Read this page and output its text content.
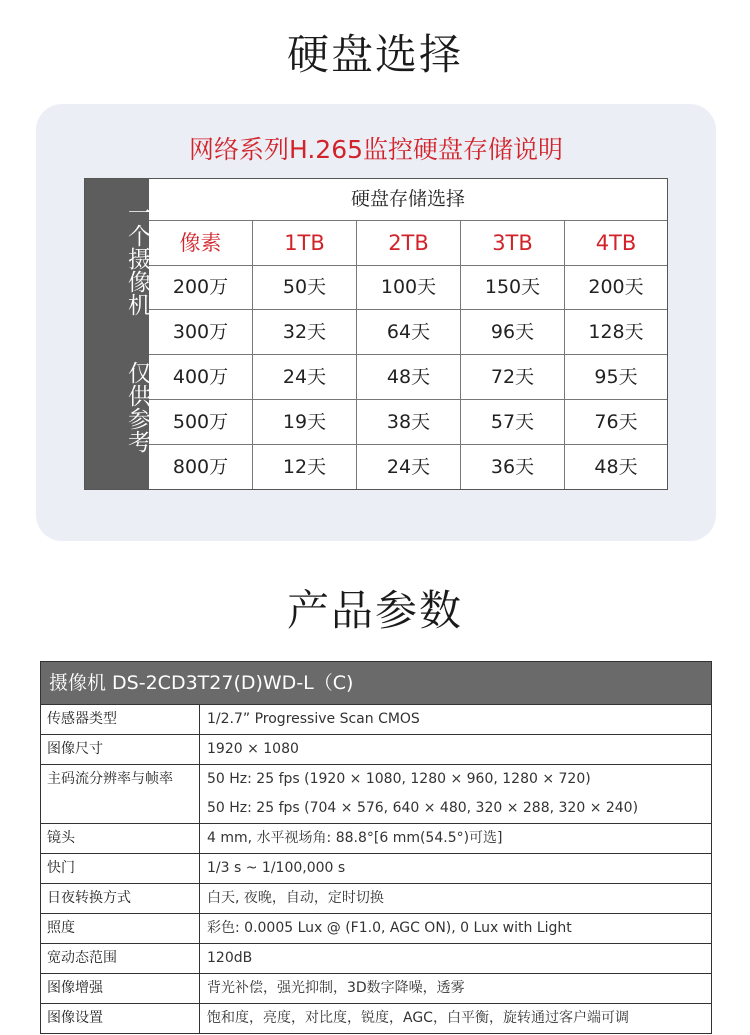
硬盘选择
网络系列H.265监控硬盘存储说明
一个摄像机
仅供参考
硬盘存储选择
像素	1TB	2TB	3TB	4TB
200万	50天	100天	150天	200天
300万	32天	64天	96天	128天
400万	24天	48天	72天	95天
500万	19天	38天	57天	76天
800万	12天	24天	36天	48天
产品参数
摄像机 DS-2CD3T27(D)WD-L（C)
传感器类型	1/2.7” Progressive Scan CMOS
图像尺寸	1920 × 1080
主码流分辨率与帧率	50 Hz: 25 fps (1920 × 1080, 1280 × 960, 1280 × 720)
50 Hz: 25 fps (704 × 576, 640 × 480, 320 × 288, 320 × 240)
镜头	4 mm, 水平视场角: 88.8°[6 mm(54.5°)可选]
快门	1/3 s ~ 1/100,000 s
日夜转换方式	白天, 夜晚，自动，定时切换
照度	彩色: 0.0005 Lux @ (F1.0, AGC ON), 0 Lux with Light
宽动态范围	120dB
图像增强	背光补偿，强光抑制，3D数字降噪，透雾
图像设置	饱和度，亮度，对比度，锐度，AGC，白平衡，旋转通过客户端可调
